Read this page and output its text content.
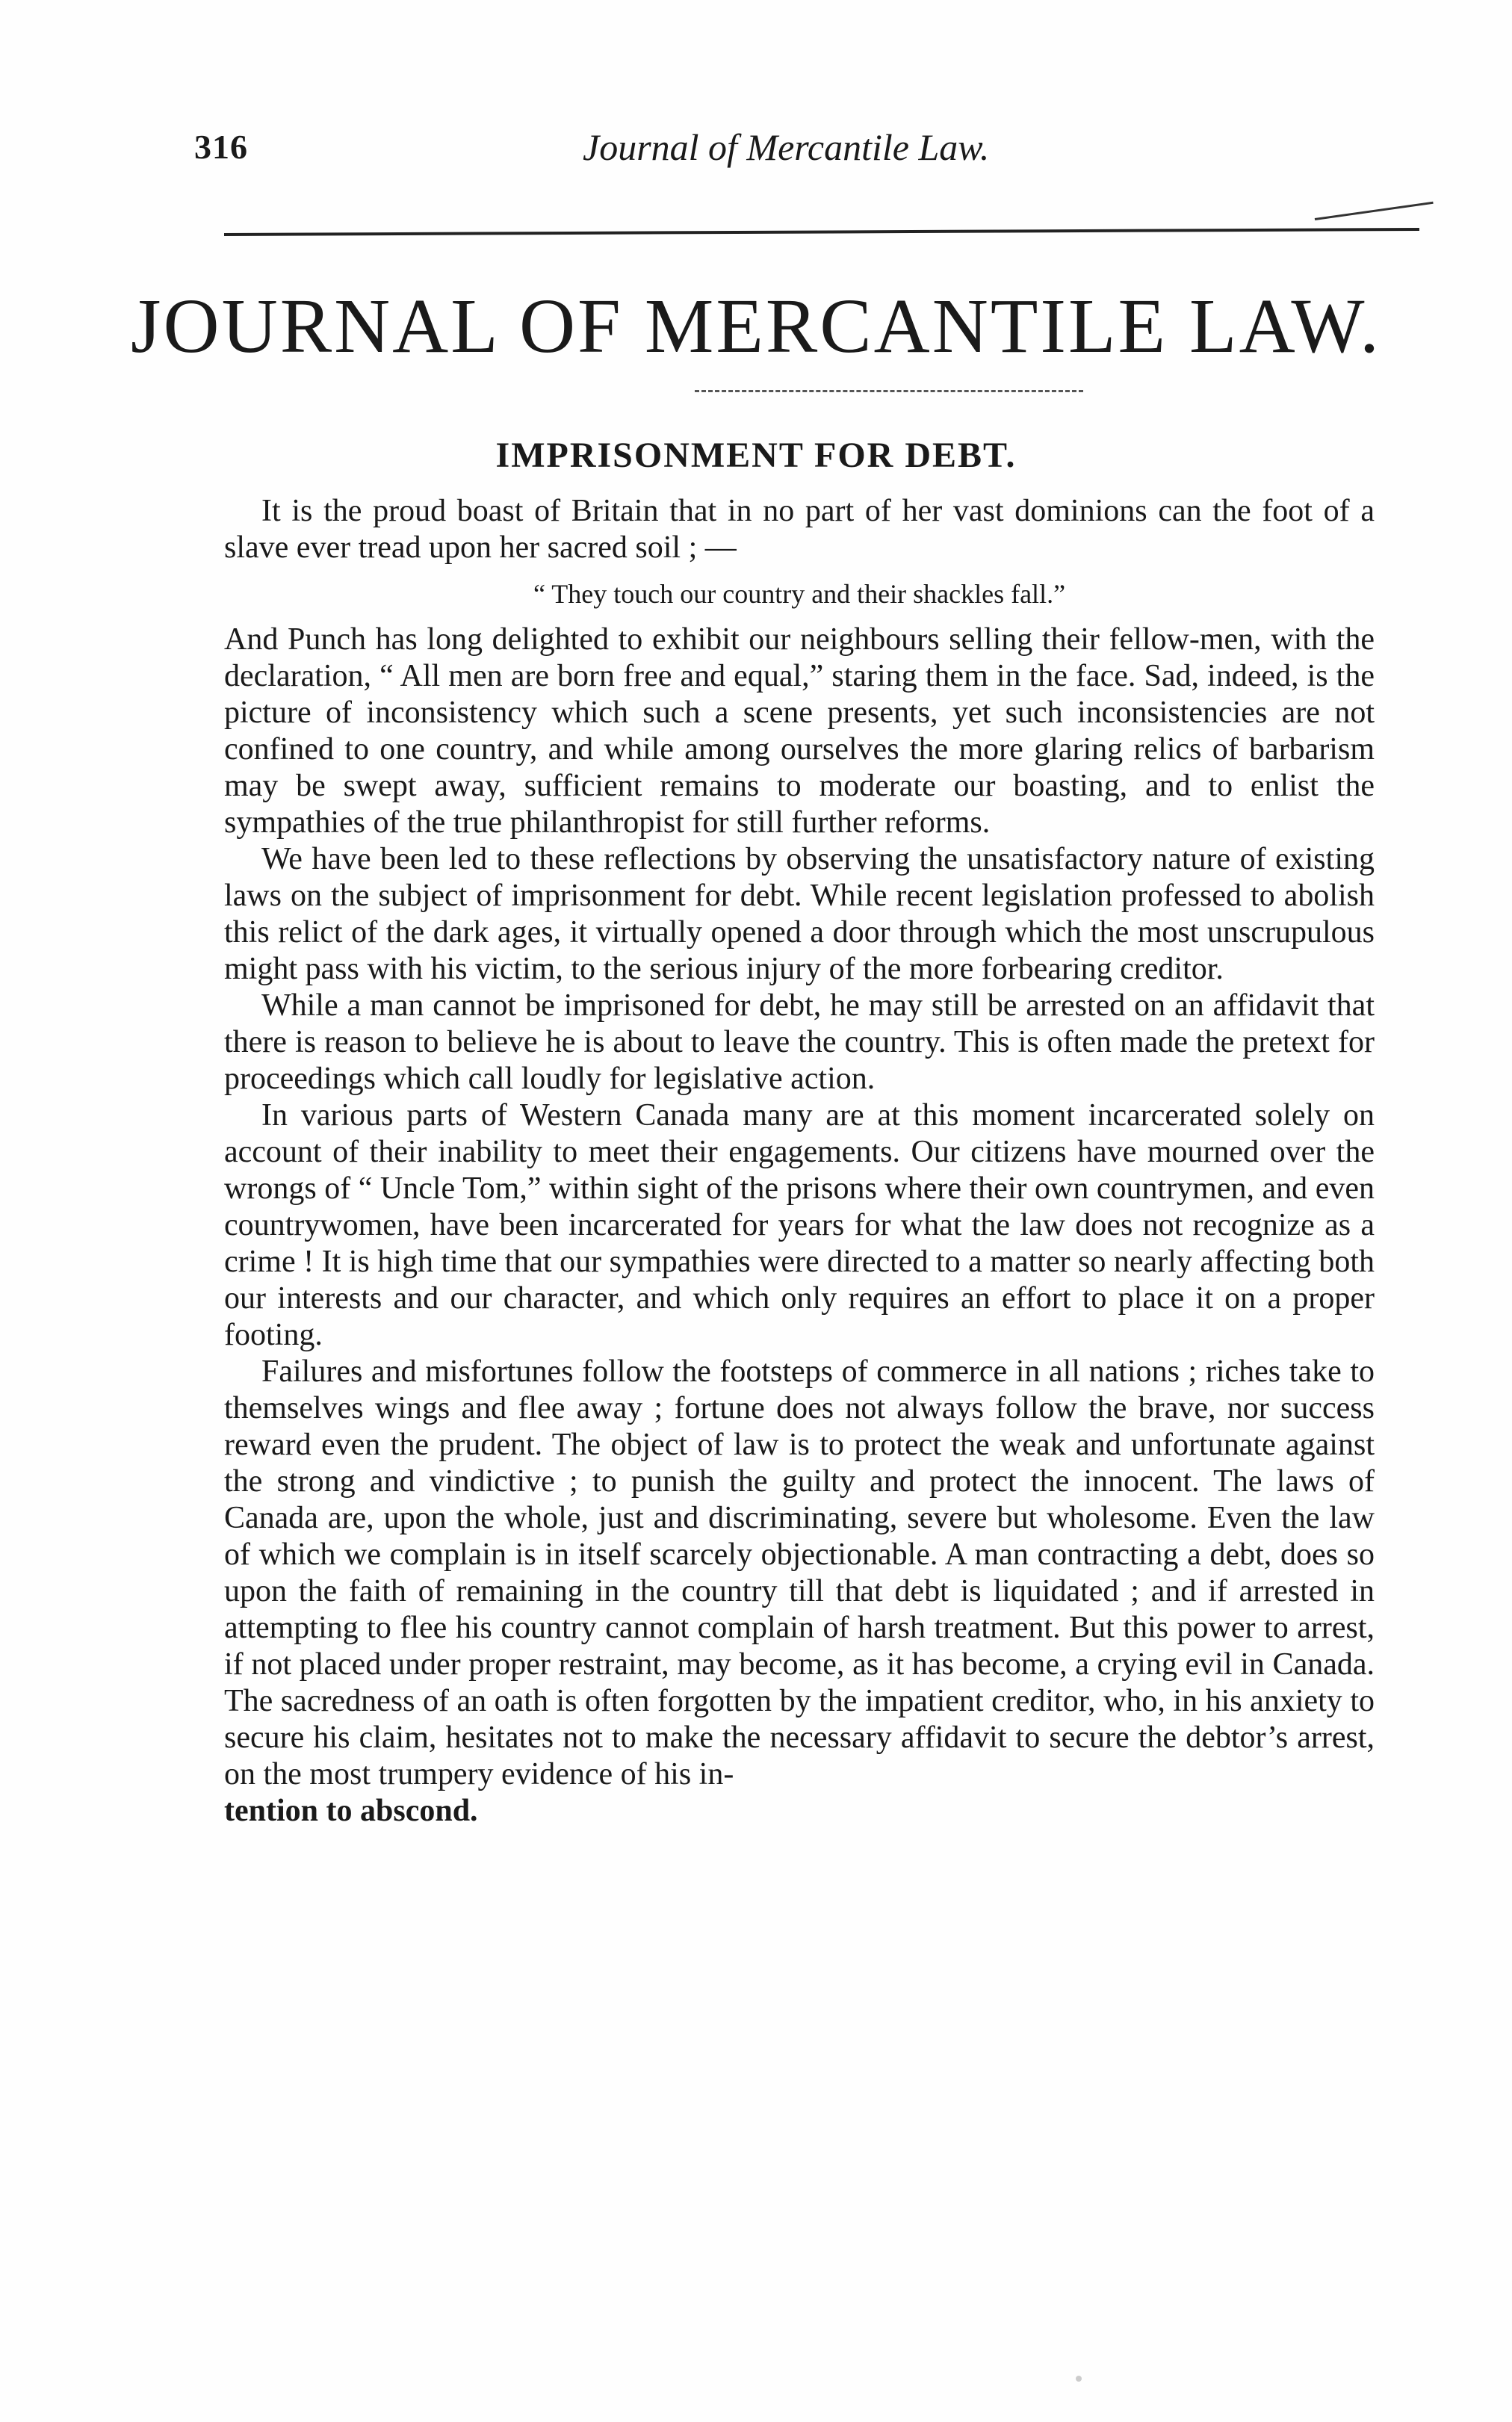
316	Journal of Mercantile Law.
JOURNAL OF MERCANTILE LAW.
IMPRISONMENT FOR DEBT.

It is the proud boast of Britain that in no part of her vast dominions can the foot of a slave ever tread upon her sacred soil ; —

“ They touch our country and their shackles fall.”

And Punch has long delighted to exhibit our neighbours selling their fellow-men, with the declaration, “ All men are born free and equal,” staring them in the face. Sad, indeed, is the picture of inconsistency which such a scene presents, yet such inconsistencies are not confined to one country, and while among ourselves the more glaring relics of barbarism may be swept away, sufficient remains to moderate our boasting, and to enlist the sympathies of the true philanthropist for still further reforms.

We have been led to these reflections by observing the unsatisfactory nature of existing laws on the subject of imprisonment for debt. While recent legislation professed to abolish this relict of the dark ages, it virtually opened a door through which the most unscrupulous might pass with his victim, to the serious injury of the more forbearing creditor.

While a man cannot be imprisoned for debt, he may still be arrested on an affidavit that there is reason to believe he is about to leave the country. This is often made the pretext for proceedings which call loudly for legislative action.

In various parts of Western Canada many are at this moment incarcerated solely on account of their inability to meet their engagements. Our citizens have mourned over the wrongs of “ Uncle Tom,” within sight of the prisons where their own countrymen, and even countrywomen, have been incarcerated for years for what the law does not recognize as a crime ! It is high time that our sympathies were directed to a matter so nearly affecting both our interests and our character, and which only requires an effort to place it on a proper footing.

Failures and misfortunes follow the footsteps of commerce in all nations ; riches take to themselves wings and flee away ; fortune does not always follow the brave, nor success reward even the prudent. The object of law is to protect the weak and unfortunate against the strong and vindictive ; to punish the guilty and protect the innocent. The laws of Canada are, upon the whole, just and discriminating, severe but wholesome. Even the law of which we complain is in itself scarcely objectionable. A man contracting a debt, does so upon the faith of remaining in the country till that debt is liquidated ; and if arrested in attempting to flee his country cannot complain of harsh treatment. But this power to arrest, if not placed under proper restraint, may become, as it has become, a crying evil in Canada. The sacredness of an oath is often forgotten by the impatient creditor, who, in his anxiety to secure his claim, hesitates not to make the necessary affidavit to secure the debtor’s arrest, on the most trumpery evidence of his in-

tention to abscond.
